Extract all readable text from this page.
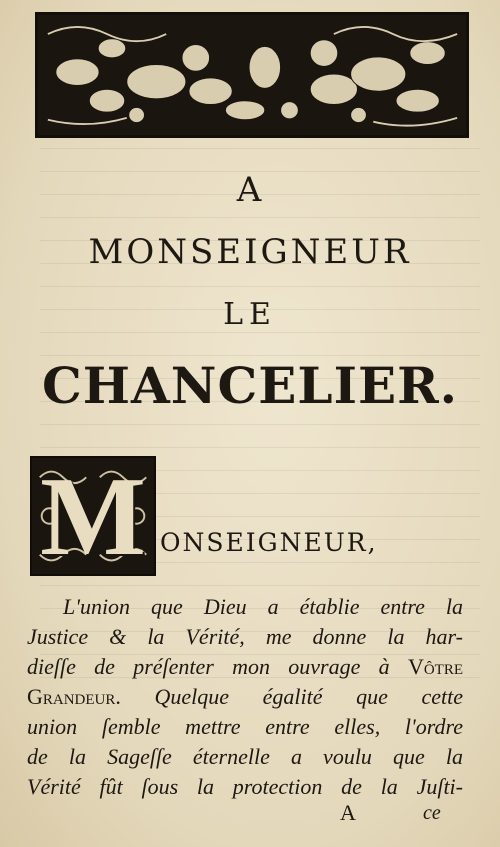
A
MONSEIGNEUR
LE
CHANCELIER.
M ONSEIGNEUR,
L'union que Dieu a établie entre la
Justice & la Vérité, me donne la har-
dieſſe de préſenter mon ouvrage à Vôtre
Grandeur. Quelque égalité que cette
union ſemble mettre entre elles, l'ordre
de la Sageſſe éternelle a voulu que la
Vérité fût ſous la protection de la Juſti-
A	ce
